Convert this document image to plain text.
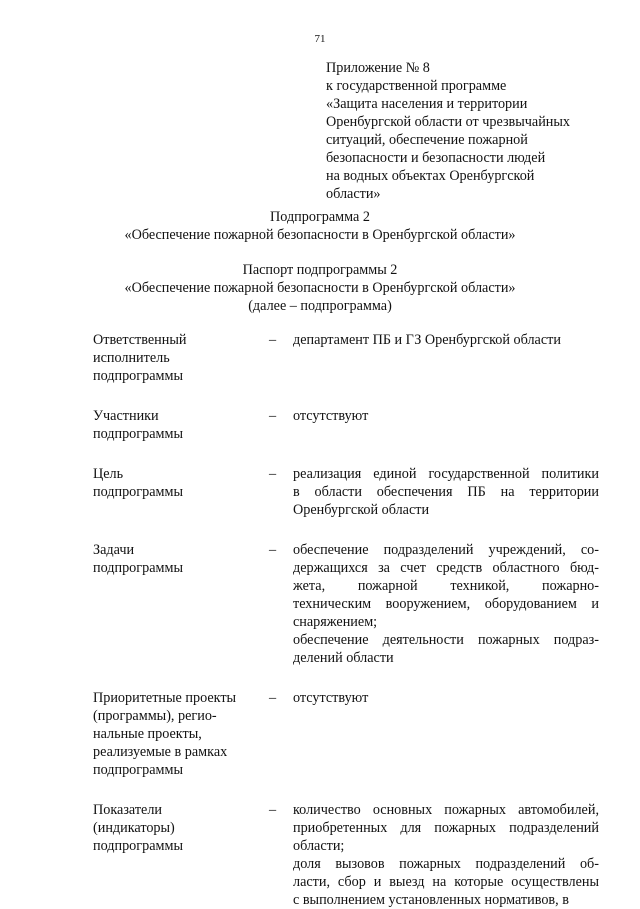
71
Приложение № 8
к государственной программе
«Защита населения и территории
Оренбургской области от чрезвычайных
ситуаций, обеспечение пожарной
безопасности и безопасности людей
на водных объектах Оренбургской
области»
Подпрограмма 2
«Обеспечение пожарной безопасности в Оренбургской области»
Паспорт подпрограммы 2
«Обеспечение пожарной безопасности в Оренбургской области»
(далее – подпрограмма)
Ответственный
исполнитель
подпрограммы
–	департамент ПБ и ГЗ Оренбургской области
Участники
подпрограммы
–	отсутствуют
Цель
подпрограммы
–	реализация единой государственной политики
в области обеспечения ПБ на территории
Оренбургской области
Задачи
подпрограммы
–	обеспечение подразделений учреждений, со-
держащихся за счет средств областного бюд-
жета, пожарной техникой, пожарно-
техническим вооружением, оборудованием и
снаряжением;
обеспечение деятельности пожарных подраз-
делений области
Приоритетные проекты
(программы), регио-
нальные проекты,
реализуемые в рамках
подпрограммы
–	отсутствуют
Показатели
(индикаторы)
подпрограммы
–	количество основных пожарных автомобилей,
приобретенных для пожарных подразделений
области;
доля вызовов пожарных подразделений об-
ласти, сбор и выезд на которые осуществлены
с выполнением установленных нормативов, в
